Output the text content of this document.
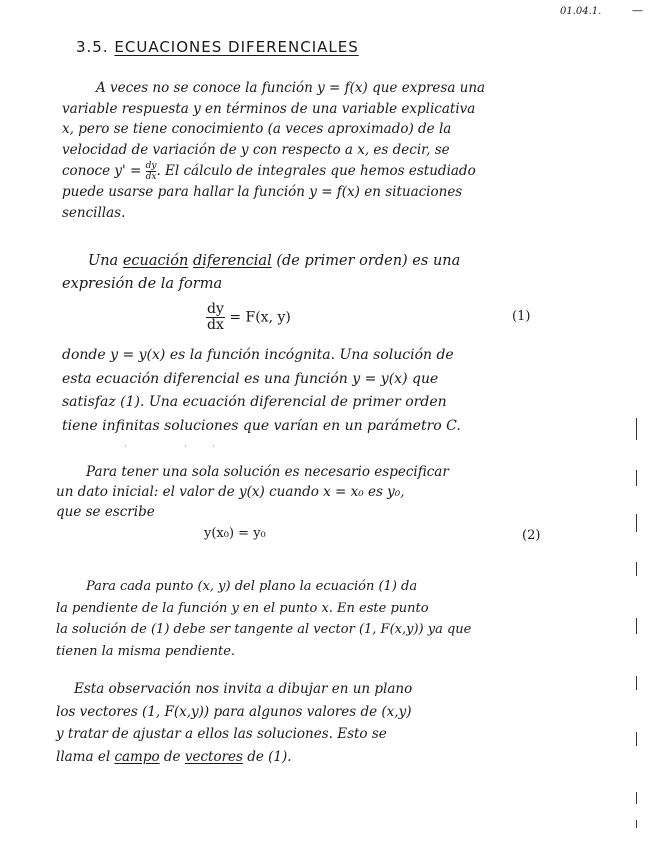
01.04.1.	—
3.5. ECUACIONES DIFERENCIALES
A veces no se conoce la función y = f(x) que expresa una
variable respuesta y en términos de una variable explicativa
x, pero se tiene conocimiento (a veces aproximado) de la
velocidad de variación de y con respecto a x, es decir, se
conoce $y' = \frac{dy}{dx}$ . El cálculo de integrales que hemos estudiado
puede usarse para hallar la función y = f(x) en situaciones
sencillas.
Una ecuación diferencial (de primer orden) es una
expresión de la forma
$\frac{dy}{dx} = F(x$, y)	(1)
donde y = y(x) es la función incógnita. Una solución de
esta ecuación diferencial es una función y = y(x) que
satisfaz (1). Una ecuación diferencial de primer orden
tiene infinitas soluciones que varían en un parámetro C.
·	·	·
Para tener una sola solución es necesario especificar
un dato inicial: el valor de y(x) cuando x = x₀ es y₀,
que se escribe
y(x₀) = y₀	(2)
Para cada punto (x, y) del plano la ecuación (1) da
la pendiente de la función y en el punto x. En este punto
la solución de (1) debe ser tangente al vector (1, F(x,y)) ya que
tienen la misma pendiente.
Esta observación nos invita a dibujar en un plano
los vectores (1, F(x,y)) para algunos valores de (x,y)
y tratar de ajustar a ellos las soluciones. Esto se
llama el campo de vectores de (1).
